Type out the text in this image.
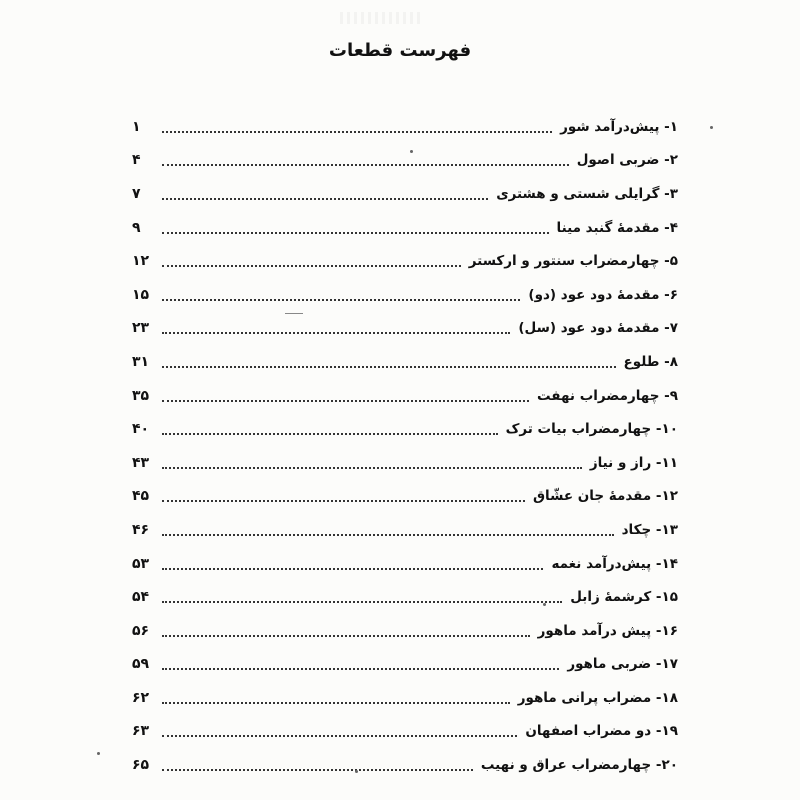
فهرست قطعات
۱- پیش‌درآمد شور
۱
۲- ضربی اصول
۴
۳- گرایلی شستی و هشتری
۷
۴- مقدمهٔ گنبد مینا
۹
۵- چهارمضراب سنتور و ارکستر
۱۲
۶- مقدمهٔ دود عود (دو)
۱۵
۷- مقدمهٔ دود عود (سل)
۲۳
۸- طلوع
۳۱
۹- چهارمضراب نهفت
۳۵
۱۰- چهارمضراب بیات ترک
۴۰
۱۱- راز و نیاز
۴۳
۱۲- مقدمهٔ جان عشّاق
۴۵
۱۳- چکاد
۴۶
۱۴- پیش‌درآمد نغمه
۵۳
۱۵- کرشمهٔ زابل
۵۴
۱۶- پیش درآمد ماهور
۵۶
۱۷- ضربی ماهور
۵۹
۱۸- مضراب پرانی ماهور
۶۲
۱۹- دو مضراب اصفهان
۶۳
۲۰- چهارمضراب عراق و نهیب
۶۵
